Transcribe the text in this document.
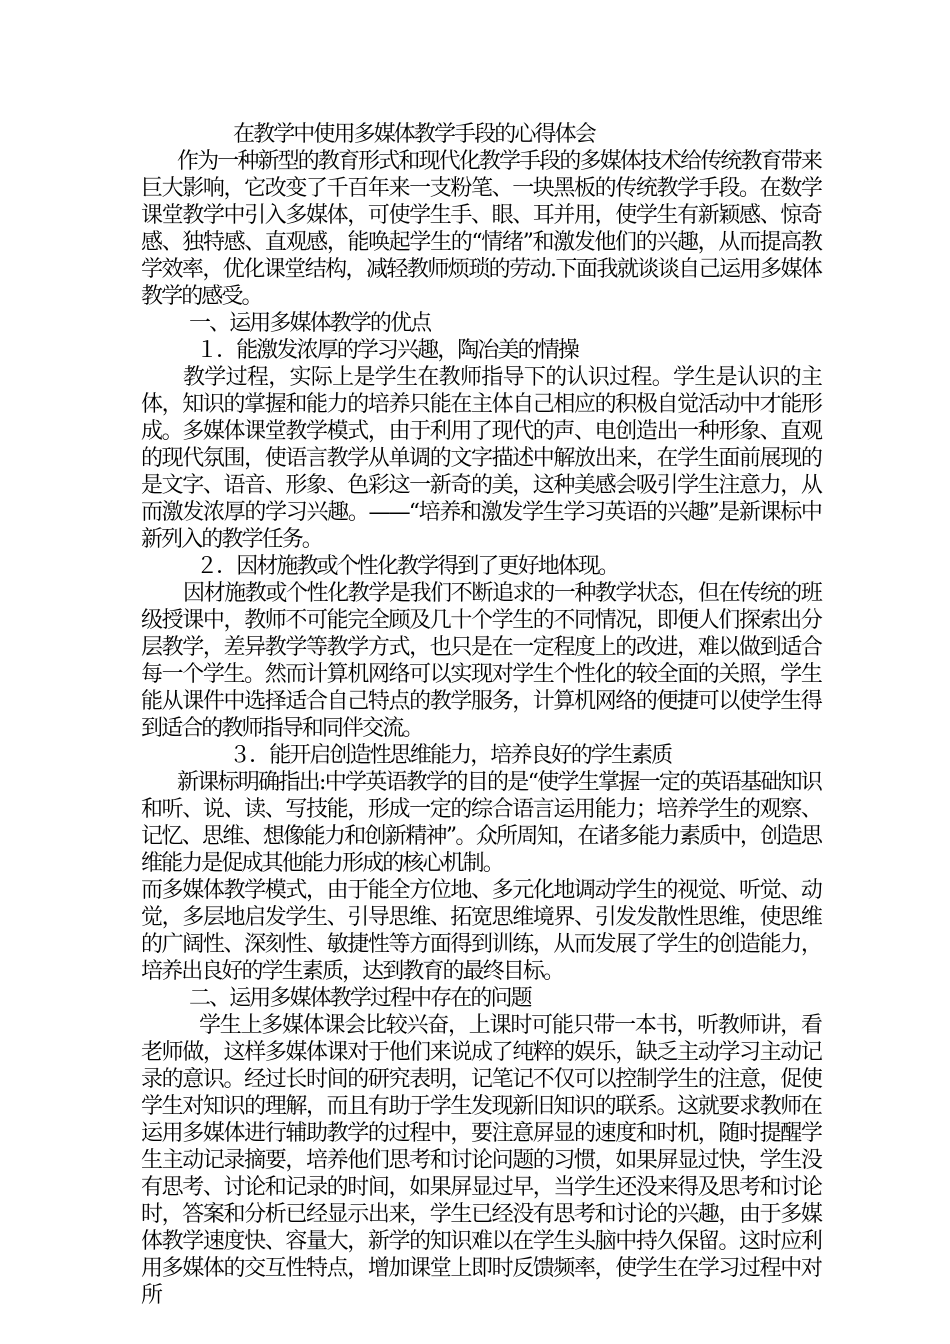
在教学中使用多媒体教学手段的心得体会

作为一种新型的教育形式和现代化教学手段的多媒体技术给传统教育带来巨大影响，它改变了千百年来一支粉笔、一块黑板的传统教学手段。在数学课堂教学中引入多媒体，可使学生手、眼、耳并用，使学生有新颖感、惊奇感、独特感、直观感，能唤起学生的“情绪”和激发他们的兴趣，从而提高教学效率，优化课堂结构，减轻教师烦琐的劳动.下面我就谈谈自己运用多媒体教学的感受。

一、运用多媒体教学的优点

１．能激发浓厚的学习兴趣，陶冶美的情操

教学过程，实际上是学生在教师指导下的认识过程。学生是认识的主体，知识的掌握和能力的培养只能在主体自己相应的积极自觉活动中才能形成。多媒体课堂教学模式，由于利用了现代的声、电创造出一种形象、直观的现代氛围，使语言教学从单调的文字描述中解放出来，在学生面前展现的是文字、语音、形象、色彩这一新奇的美，这种美感会吸引学生注意力，从而激发浓厚的学习兴趣。——“培养和激发学生学习英语的兴趣”是新课标中新列入的教学任务。

２．因材施教或个性化教学得到了更好地体现。

因材施教或个性化教学是我们不断追求的一种教学状态，但在传统的班级授课中，教师不可能完全顾及几十个学生的不同情况，即便人们探索出分层教学，差异教学等教学方式，也只是在一定程度上的改进，难以做到适合每一个学生。然而计算机网络可以实现对学生个性化的较全面的关照，学生能从课件中选择适合自己特点的教学服务，计算机网络的便捷可以使学生得到适合的教师指导和同伴交流。

３．能开启创造性思维能力，培养良好的学生素质

新课标明确指出:中学英语教学的目的是“使学生掌握一定的英语基础知识和听、说、读、写技能，形成一定的综合语言运用能力；培养学生的观察、记忆、思维、想像能力和创新精神”。众所周知，在诸多能力素质中，创造思维能力是促成其他能力形成的核心机制。

而多媒体教学模式，由于能全方位地、多元化地调动学生的视觉、听觉、动觉，多层地启发学生、引导思维、拓宽思维境界、引发发散性思维，使思维的广阔性、深刻性、敏捷性等方面得到训练，从而发展了学生的创造能力，培养出良好的学生素质，达到教育的最终目标。

二、运用多媒体教学过程中存在的问题

学生上多媒体课会比较兴奋，上课时可能只带一本书，听教师讲，看老师做，这样多媒体课对于他们来说成了纯粹的娱乐，缺乏主动学习主动记录的意识。经过长时间的研究表明，记笔记不仅可以控制学生的注意，促使学生对知识的理解，而且有助于学生发现新旧知识的联系。这就要求教师在运用多媒体进行辅助教学的过程中，要注意屏显的速度和时机，随时提醒学生主动记录摘要，培养他们思考和讨论问题的习惯，如果屏显过快，学生没有思考、讨论和记录的时间，如果屏显过早，当学生还没来得及思考和讨论时，答案和分析已经显示出来，学生已经没有思考和讨论的兴趣，由于多媒体教学速度快、容量大，新学的知识难以在学生头脑中持久保留。这时应利用多媒体的交互性特点，增加课堂上即时反馈频率，使学生在学习过程中对所
